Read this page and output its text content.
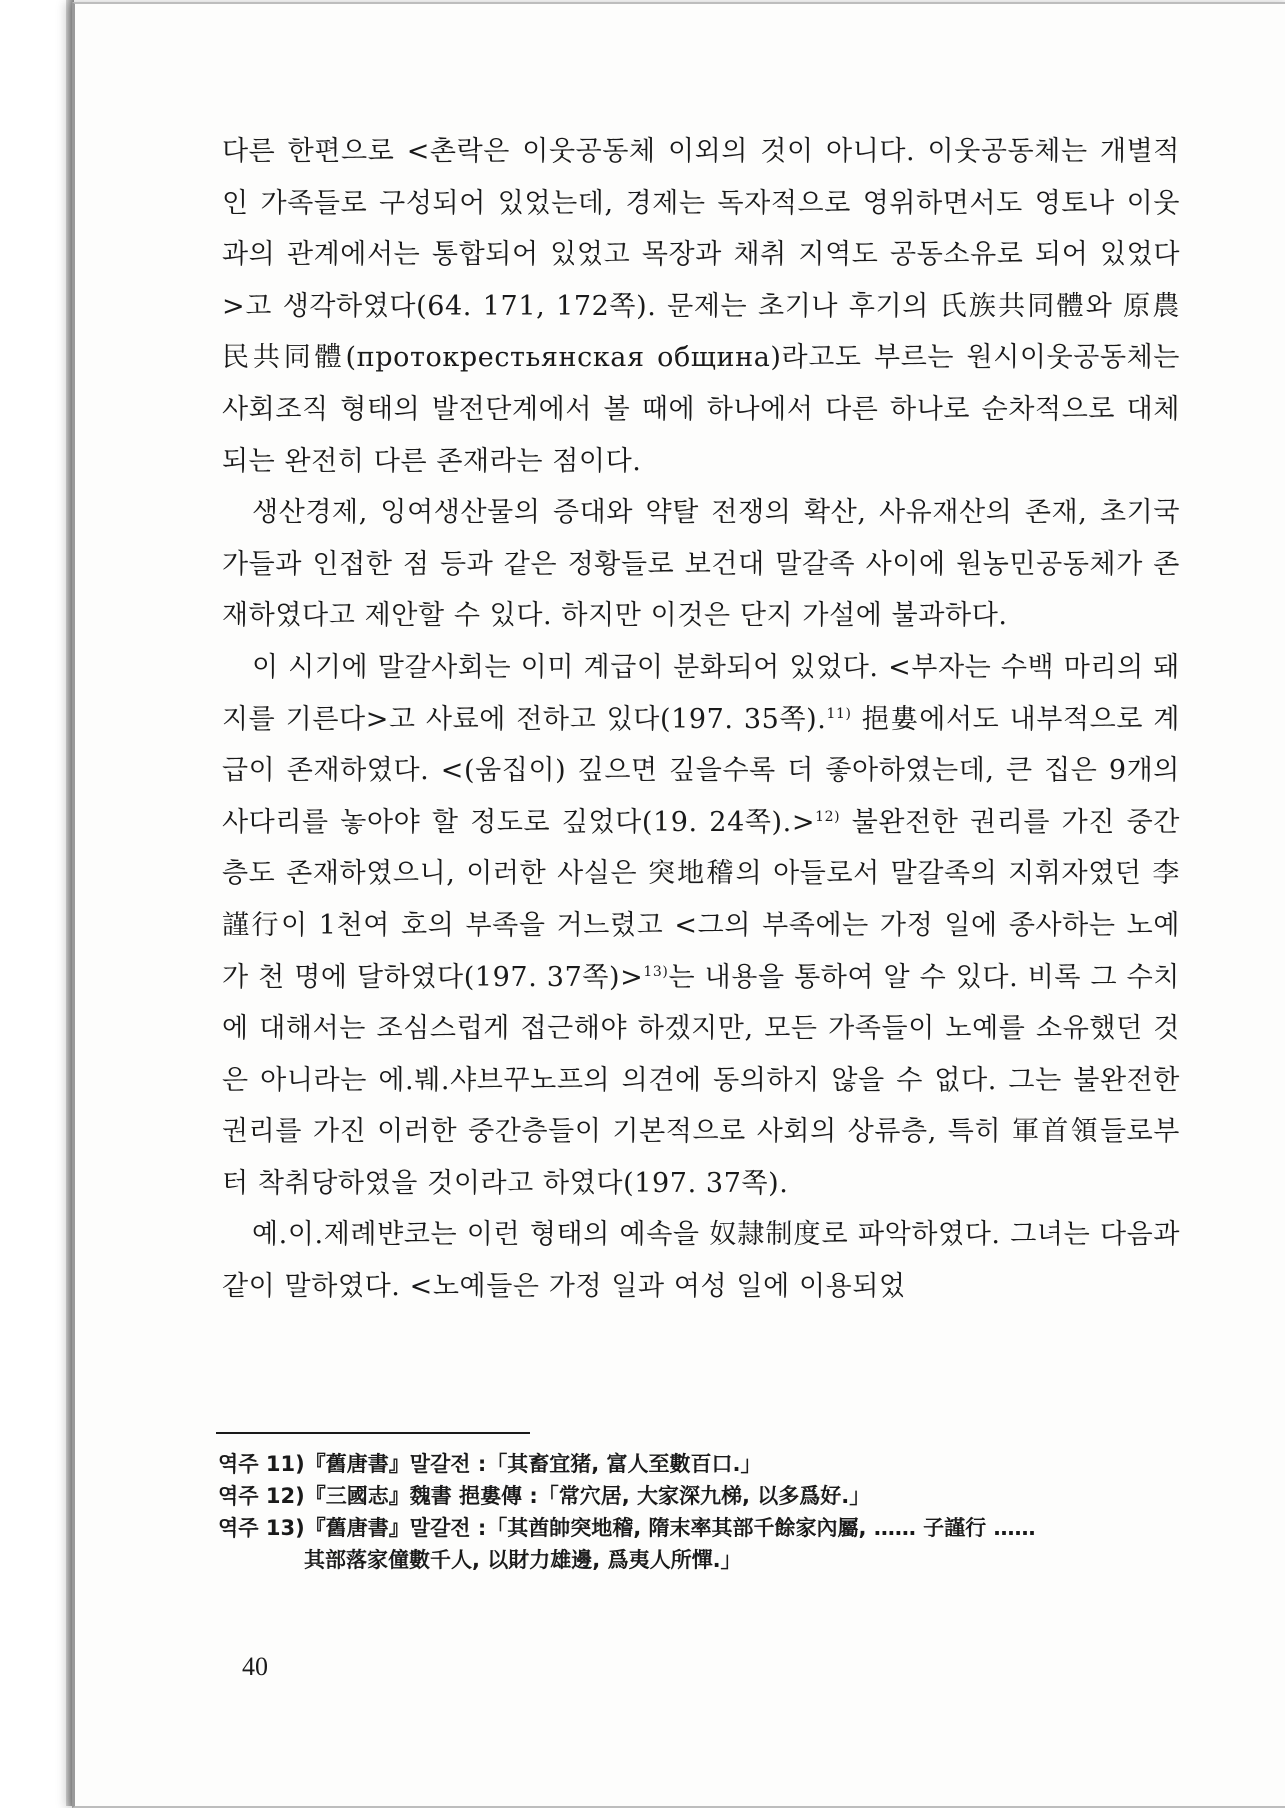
다른 한편으로 <촌락은 이웃공동체 이외의 것이 아니다. 이웃공동체는 개별적인 가족들로 구성되어 있었는데, 경제는 독자적으로 영위하면서도 영토나 이웃과의 관계에서는 통합되어 있었고 목장과 채취 지역도 공동소유로 되어 있었다>고 생각하였다(64. 171, 172쪽). 문제는 초기나 후기의 氏族共同體와 原農民共同體(протокрестьянская община)라고도 부르는 원시이웃공동체는 사회조직 형태의 발전단계에서 볼 때에 하나에서 다른 하나로 순차적으로 대체되는 완전히 다른 존재라는 점이다.

생산경제, 잉여생산물의 증대와 약탈 전쟁의 확산, 사유재산의 존재, 초기국가들과 인접한 점 등과 같은 정황들로 보건대 말갈족 사이에 원농민공동체가 존재하였다고 제안할 수 있다. 하지만 이것은 단지 가설에 불과하다.

이 시기에 말갈사회는 이미 계급이 분화되어 있었다. <부자는 수백 마리의 돼지를 기른다>고 사료에 전하고 있다(197. 35쪽).$^{11)}$ 挹婁에서도 내부적으로 계급이 존재하였다. <(움집이) 깊으면 깊을수록 더 좋아하였는데, 큰 집은 9개의 사다리를 놓아야 할 정도로 깊었다(19. 24쪽).>$^{12)}$ 불완전한 권리를 가진 중간층도 존재하였으니, 이러한 사실은 突地稽의 아들로서 말갈족의 지휘자였던 李謹行이 1천여 호의 부족을 거느렸고 <그의 부족에는 가정 일에 종사하는 노예가 천 명에 달하였다(197. 37쪽)>$^{13)}$는 내용을 통하여 알 수 있다. 비록 그 수치에 대해서는 조심스럽게 접근해야 하겠지만, 모든 가족들이 노예를 소유했던 것은 아니라는 에.붸.샤브꾸노프의 의견에 동의하지 않을 수 없다. 그는 불완전한 권리를 가진 이러한 중간층들이 기본적으로 사회의 상류층, 특히 軍首領들로부터 착취당하였을 것이라고 하였다(197. 37쪽).

예.이.제례뱐코는 이런 형태의 예속을 奴隷制度로 파악하였다. 그녀는 다음과 같이 말하였다. <노예들은 가정 일과 여성 일에 이용되었

역주 11)『舊唐書』말갈전 :「其畜宜猪, 富人至數百口.」

역주 12)『三國志』魏書 挹婁傳 :「常穴居, 大家深九梯, 以多爲好.」

역주 13)『舊唐書』말갈전 :「其酋帥突地稽, 隋末率其部千餘家內屬, …… 子謹行 ……
其部落家僮數千人, 以財力雄邊, 爲夷人所憚.」

40
